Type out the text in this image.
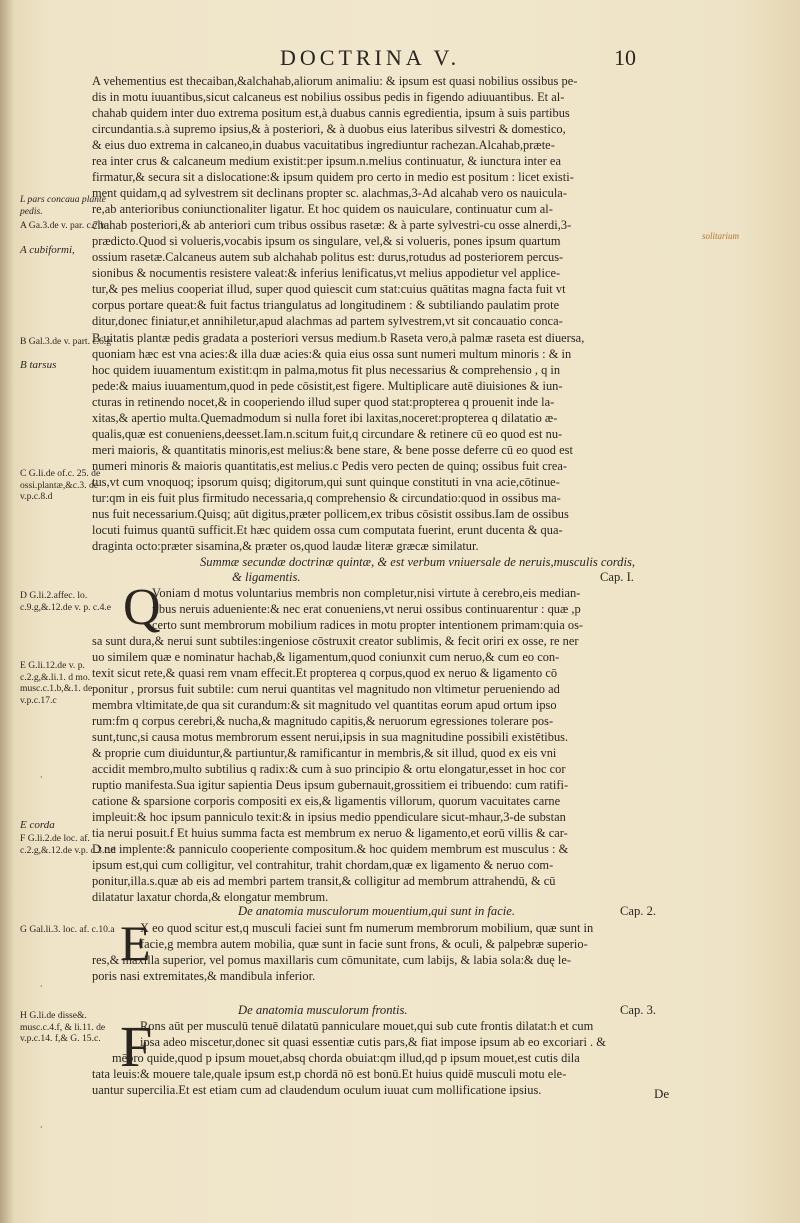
DOCTRINA V.	10
L pars concaua plante pedis.
A Ga.3.de v. par. c.7.b
A cubiformi,
B Gal.3.de v. part. c.6.g
B tarsus
C G.li.de of.c. 25. de ossi.plantæ,&c.3. de v.p.c.8.d
D G.li.2.affec. lo. c.9.g,&.12.de v. p. c.4.e
E G.li.12.de v. p. c.2.g,&.li.1. d mo. musc.c.1.b,&.1. de v.p.c.17.c
E corda
F G.li.2.de loc. af. c.2.g,&.12.de v.p. c.3.c.d
G Gal.li.3. loc. af. c.10.a
H G.li.de disse&. musc.c.4.f, & li.11. de v.p.c.14. f,& G. 15.c.
·
·
·
solitarium
A vehementius est thecaiban,&alchahab,aliorum animaliu: & ipsum est quasi nobilius ossibus pe-
dis in motu iuuantibus,sicut calcaneus est nobilius ossibus pedis in figendo adiuuantibus. Et al-
chahab quidem inter duo extrema positum est,à duabus cannis egredientia, ipsum à suis partibus
circundantia.s.à supremo ipsius,& à posteriori, & à duobus eius lateribus silvestri & domestico,
& eius duo extrema in calcaneo,in duabus vacuitatibus ingrediuntur rachezan.Alcahab,præte-
rea inter crus & calcaneum medium existit:per ipsum.n.melius continuatur, & iunctura inter ea
firmatur,& secura sit a dislocatione:& ipsum quidem pro certo in medio est positum : licet existi-
ment quidam,q ad sylvestrem sit declinans propter sc. alachmas,3-Ad alcahab vero os nauicula-
re,ab anterioribus coniunctionaliter ligatur. Et hoc quidem os nauiculare, continuatur cum al-
chahab posteriori,& ab anteriori cum tribus ossibus rasetæ: & à parte sylvestri-cu osse alnerdi,3-
prædicto.Quod si volueris,vocabis ipsum os singulare, vel,& si volueris, pones ipsum quartum
ossium rasetæ.Calcaneus autem sub alchahab politus est: durus,rotudus ad posteriorem percus-
sionibus & nocumentis resistere valeat:& inferius lenificatus,vt melius appodietur vel applice-
tur,& pes melius cooperiat illud, super quod quiescit cum stat:cuius quātitas magna facta fuit vt
corpus portare queat:& fuit factus triangulatus ad longitudinem : & subtiliando paulatim prote
ditur,donec finiatur,et annihiletur,apud alachmas ad partem sylvestrem,vt sit concauatio conca-
B uitatis plantæ pedis gradata a posteriori versus medium.b Raseta vero,à palmæ raseta est diuersa,
quoniam hæc est vna acies:& illa duæ acies:& quia eius ossa sunt numeri multum minoris : & in
hoc quidem iuuamentum existit:qm in palma,motus fit plus necessarius & comprehensio , q in
pede:& maius iuuamentum,quod in pede cōsistit,est figere. Multiplicare autē diuisiones & iun-
cturas in retinendo nocet,& in cooperiendo illud super quod stat:propterea q prouenit inde la-
xitas,& apertio multa.Quemadmodum si nulla foret ibi laxitas,noceret:propterea q dilatatio æ-
qualis,quæ est conueniens,deesset.Iam.n.scitum fuit,q circundare & retinere cū eo quod est nu-
meri maioris, & quantitatis minoris,est melius:& bene stare, & bene posse deferre cū eo quod est
numeri minoris & maioris quantitatis,est melius.c Pedis vero pecten de quinq; ossibus fuit crea-
tus,vt cum vnoquoq; ipsorum quisq; digitorum,qui sunt quinque constituti in vna acie,cōtinue-
tur:qm in eis fuit plus firmitudo necessaria,q comprehensio & circundatio:quod in ossibus ma-
nus fuit necessarium.Quisq; aūt digitus,præter pollicem,ex tribus cōsistit ossibus.Iam de ossibus
locuti fuimus quantū sufficit.Et hæc quidem ossa cum computata fuerint, erunt ducenta & qua-
draginta octo:præter sisamina,& præter os,quod laudæ literæ græcæ similatur.
Summæ secundæ doctrinæ quintæ, & est verbum vniuersale de neruis,musculis cordis,
& ligamentis.	Cap. I.
Q
Voniam d motus voluntarius membris non completur,nisi virtute à cerebro,eis median-
tibus neruis adueniente:& nec erat conueniens,vt nerui ossibus continuarentur : quæ ,p
certo sunt membrorum mobilium radices in motu propter intentionem primam:quia os-
sa sunt dura,& nerui sunt subtiles:ingeniose cōstruxit creator sublimis, & fecit oriri ex osse, re ner
uo similem quæ e nominatur hachab,& ligamentum,quod coniunxit cum neruo,& cum eo con-
texit sicut rete,& quasi rem vnam effecit.Et propterea q corpus,quod ex neruo & ligamento cō
ponitur , prorsus fuit subtile: cum nerui quantitas vel magnitudo non vltimetur perueniendo ad
membra vltimitate,de qua sit curandum:& sit magnitudo vel quantitas eorum apud ortum ipso
rum:fm q corpus cerebri,& nucha,& magnitudo capitis,& neruorum egressiones tolerare pos-
sunt,tunc,si causa motus membrorum essent nerui,ipsis in sua magnitudine possibili existētibus.
& proprie cum diuiduntur,& partiuntur,& ramificantur in membris,& sit illud, quod ex eis vni
accidit membro,multo subtilius q radix:& cum à suo principio & ortu elongatur,esset in hoc cor
ruptio manifesta.Sua igitur sapientia Deus ipsum gubernauit,grossitiem ei tribuendo: cum ratifi-
catione & sparsione corporis compositi ex eis,& ligamentis villorum, quorum vacuitates carne
impleuit:& hoc ipsum panniculo texit:& in ipsius medio ppendiculare sicut-mhaur,3-de substan
tia nerui posuit.f Et huius summa facta est membrum ex neruo & ligamento,et eorū villis & car-
D ne implente:& panniculo cooperiente compositum.& hoc quidem membrum est musculus : &
ipsum est,qui cum colligitur, vel contrahitur, trahit chordam,quæ ex ligamento & neruo com-
ponitur,illa.s.quæ ab eis ad membri partem transit,& colligitur ad membrum attrahendū, & cū
dilatatur laxatur chorda,& elongatur membrum.
De anatomia musculorum mouentium,qui sunt in facie.	Cap. 2.
E
X eo quod scitur est,q musculi faciei sunt fm numerum membrorum mobilium, quæ sunt in
facie,g membra autem mobilia, quæ sunt in facie sunt frons, & oculi, & palpebræ superio-
res,& maxilla superior, vel pomus maxillaris cum cōmunitate, cum labijs, & labia sola:& duę le-
poris nasi extremitates,& mandibula inferior.
De anatomia musculorum frontis.	Cap. 3.
F
Rons aūt per musculū tenuē dilatatū panniculare mouet,qui sub cute frontis dilatat:h et cum
ipsa adeo miscetur,donec sit quasi essentiæ cutis pars,& fiat impose ipsum ab eo excoriari . &
mēbro quide,quod p ipsum mouet,absq chorda obuiat:qm illud,qd p ipsum mouet,est cutis dila
tata leuis:& mouere tale,quale ipsum est,p chordā nō est bonū.Et huius quidē musculi motu ele-
uantur supercilia.Et est etiam cum ad claudendum oculum iuuat cum mollificatione ipsius.	De
